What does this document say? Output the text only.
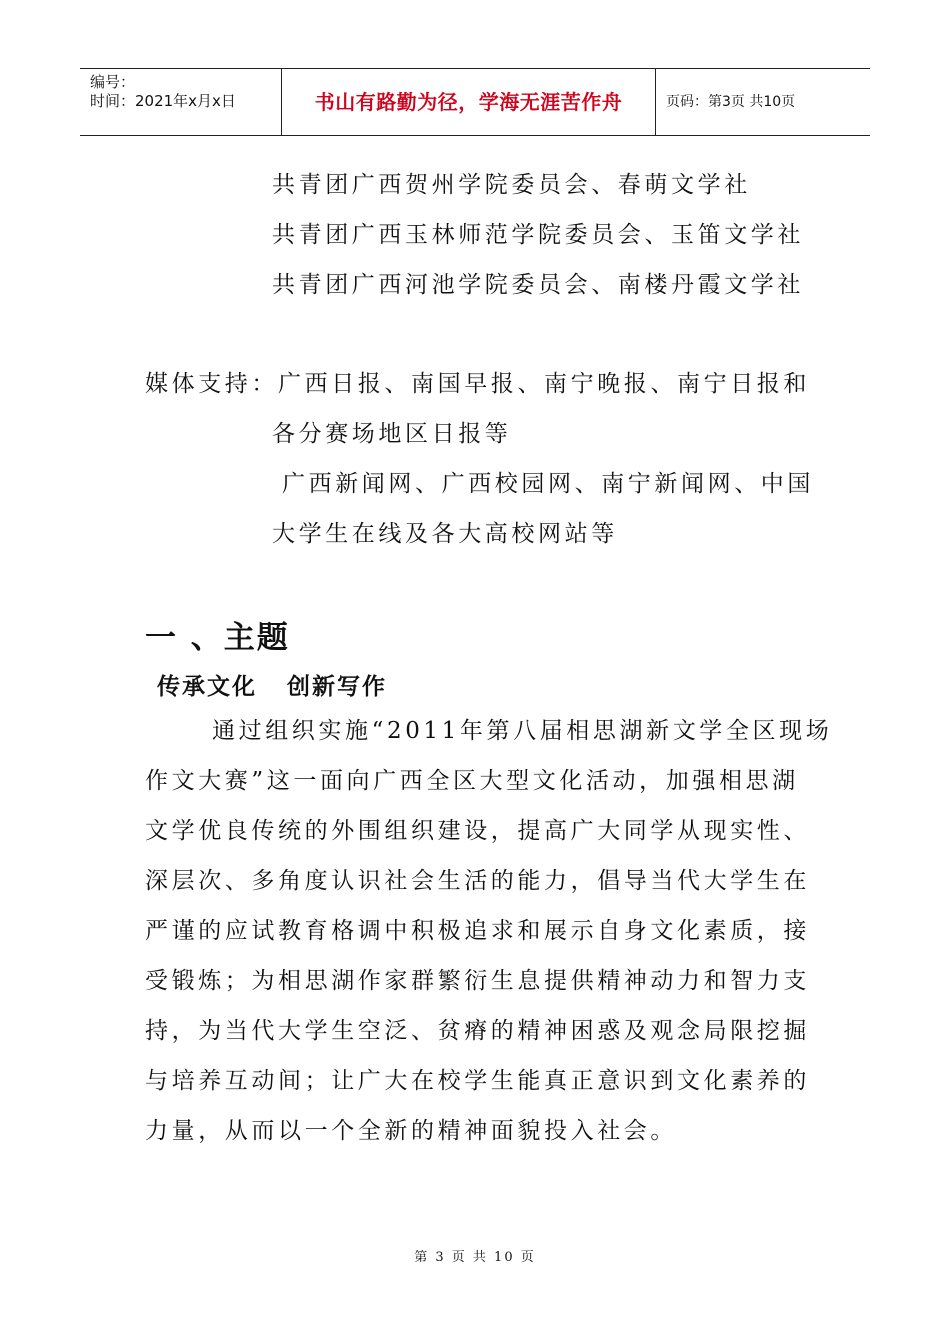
编号：
时间：2021年x月x日	书山有路勤为径，学海无涯苦作舟	页码：第3页 共10页
共青团广西贺州学院委员会、春萌文学社
共青团广西玉林师范学院委员会、玉笛文学社
共青团广西河池学院委员会、南楼丹霞文学社
媒体支持： 广西日报、南国早报、南宁晚报、南宁日报和
各分赛场地区日报等
广西新闻网、广西校园网、南宁新闻网、中国
大学生在线及各大高校网站等
一 、主题
传承文化   创新写作
通过组织实施“2011年第八届相思湖新文学全区现场
作文大赛”这一面向广西全区大型文化活动，加强相思湖
文学优良传统的外围组织建设，提高广大同学从现实性、
深层次、多角度认识社会生活的能力，倡导当代大学生在
严谨的应试教育格调中积极追求和展示自身文化素质，接
受锻炼；为相思湖作家群繁衍生息提供精神动力和智力支
持，为当代大学生空泛、贫瘠的精神困惑及观念局限挖掘
与培养互动间；让广大在校学生能真正意识到文化素养的
力量，从而以一个全新的精神面貌投入社会。
第 3 页 共 10 页
